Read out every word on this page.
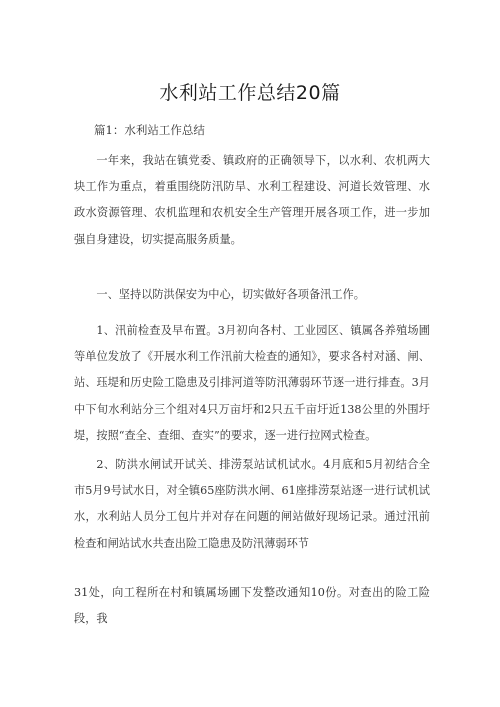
水利站工作总结20篇

篇1：水利站工作总结

一年来，我站在镇党委、镇政府的正确领导下，以水利、农机两大块工作为重点，着重围绕防汛防旱、水利工程建设、河道长效管理、水政水资源管理、农机监理和农机安全生产管理开展各项工作，进一步加强自身建设，切实提高服务质量。

一、坚持以防洪保安为中心，切实做好各项备汛工作。

1、汛前检查及早布置。3月初向各村、工业园区、镇属各养殖场圃等单位发放了《开展水利工作汛前大检查的通知》，要求各村对涵、闸、站、珏堤和历史险工隐患及引排河道等防汛薄弱环节逐一进行排查。3月中下旬水利站分三个组对4只万亩圩和2只五千亩圩近138公里的外围圩堤，按照“查全、查细、查实”的要求，逐一进行拉网式检查。

2、防洪水闸试开试关、排涝泵站试机试水。4月底和5月初结合全市5月9号试水日，对全镇65座防洪水闸、61座排涝泵站逐一进行试机试水，水利站人员分工包片并对存在问题的闸站做好现场记录。通过汛前检查和闸站试水共查出险工隐患及防汛薄弱环节

31处，向工程所在村和镇属场圃下发整改通知10份。对查出的险工险段，我
